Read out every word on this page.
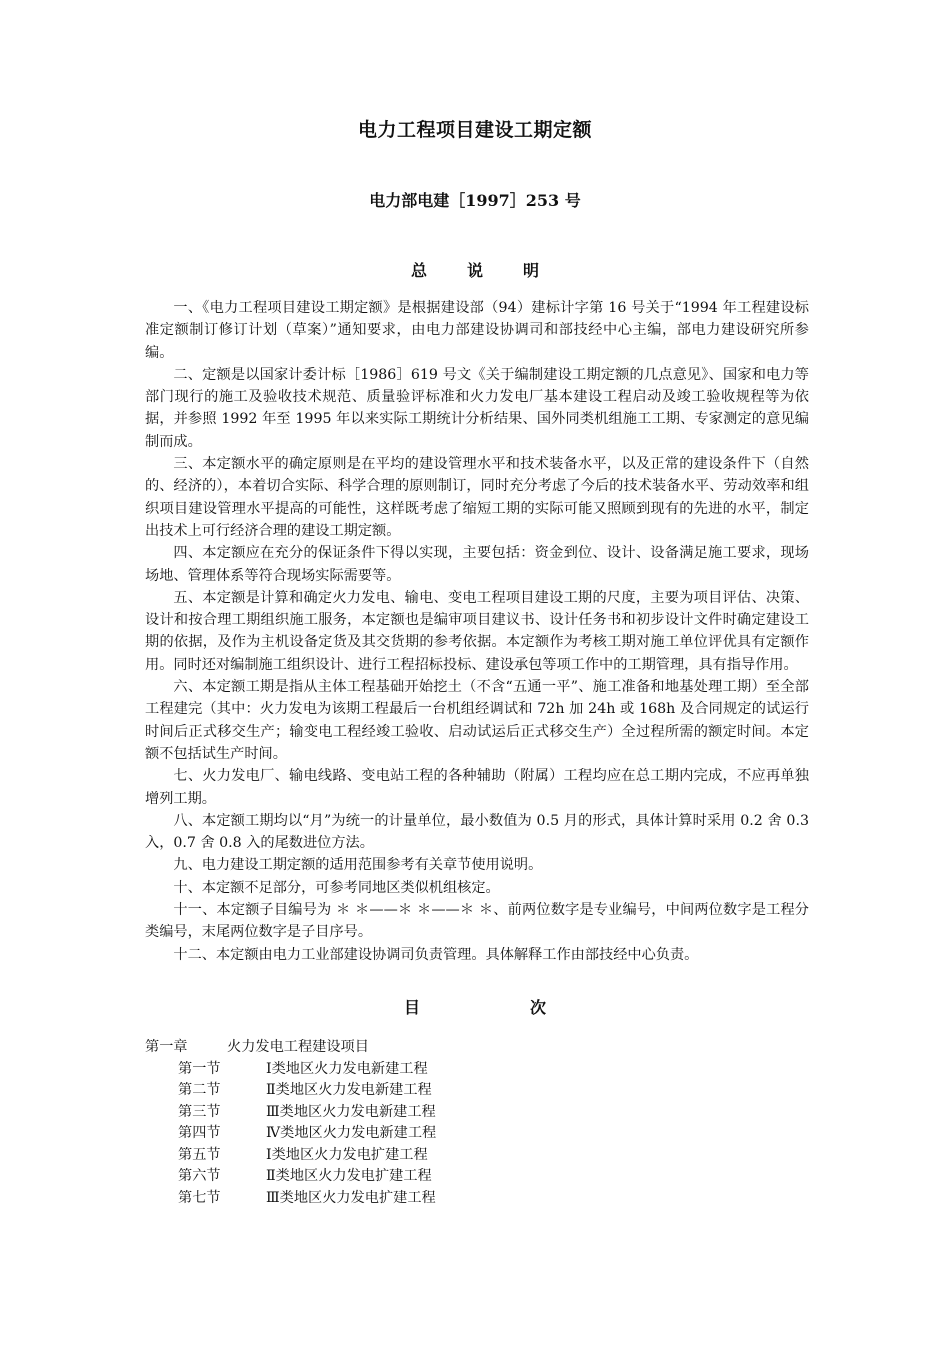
电力工程项目建设工期定额
电力部电建［1997］253 号
总说明

一、《电力工程项目建设工期定额》是根据建设部（94）建标计字第 16 号关于“1994 年工程建设标准定额制订修订计划（草案）”通知要求，由电力部建设协调司和部技经中心主编，部电力建设研究所参编。

二、定额是以国家计委计标［1986］619 号文《关于编制建设工期定额的几点意见》、国家和电力等部门现行的施工及验收技术规范、质量验评标准和火力发电厂基本建设工程启动及竣工验收规程等为依据，并参照 1992 年至 1995 年以来实际工期统计分析结果、国外同类机组施工工期、专家测定的意见编制而成。

三、本定额水平的确定原则是在平均的建设管理水平和技术装备水平，以及正常的建设条件下（自然的、经济的），本着切合实际、科学合理的原则制订，同时充分考虑了今后的技术装备水平、劳动效率和组织项目建设管理水平提高的可能性，这样既考虑了缩短工期的实际可能又照顾到现有的先进的水平，制定出技术上可行经济合理的建设工期定额。

四、本定额应在充分的保证条件下得以实现，主要包括：资金到位、设计、设备满足施工要求，现场场地、管理体系等符合现场实际需要等。

五、本定额是计算和确定火力发电、输电、变电工程项目建设工期的尺度，主要为项目评估、决策、设计和按合理工期组织施工服务，本定额也是编审项目建议书、设计任务书和初步设计文件时确定建设工期的依据，及作为主机设备定货及其交货期的参考依据。本定额作为考核工期对施工单位评优具有定额作用。同时还对编制施工组织设计、进行工程招标投标、建设承包等项工作中的工期管理，具有指导作用。

六、本定额工期是指从主体工程基础开始挖土（不含“五通一平”、施工准备和地基处理工期）至全部工程建完（其中：火力发电为该期工程最后一台机组经调试和 72h 加 24h 或 168h 及合同规定的试运行时间后正式移交生产；输变电工程经竣工验收、启动试运后正式移交生产）全过程所需的额定时间。本定额不包括试生产时间。

七、火力发电厂、输电线路、变电站工程的各种辅助（附属）工程均应在总工期内完成，不应再单独增列工期。

八、本定额工期均以“月”为统一的计量单位，最小数值为 0.5 月的形式，具体计算时采用 0.2 舍 0.3 入，0.7 舍 0.8 入的尾数进位方法。

九、电力建设工期定额的适用范围参考有关章节使用说明。

十、本定额不足部分，可参考同地区类似机组核定。

十一、本定额子目编号为 ＊ ＊——＊ ＊——＊ ＊、前两位数字是专业编号，中间两位数字是工程分类编号，末尾两位数字是子目序号。

十二、本定额由电力工业部建设协调司负责管理。具体解释工作由部技经中心负责。

目次
第一章	火力发电工程建设项目
第一节	Ⅰ类地区火力发电新建工程
第二节	Ⅱ类地区火力发电新建工程
第三节	Ⅲ类地区火力发电新建工程
第四节	Ⅳ类地区火力发电新建工程
第五节	Ⅰ类地区火力发电扩建工程
第六节	Ⅱ类地区火力发电扩建工程
第七节	Ⅲ类地区火力发电扩建工程
